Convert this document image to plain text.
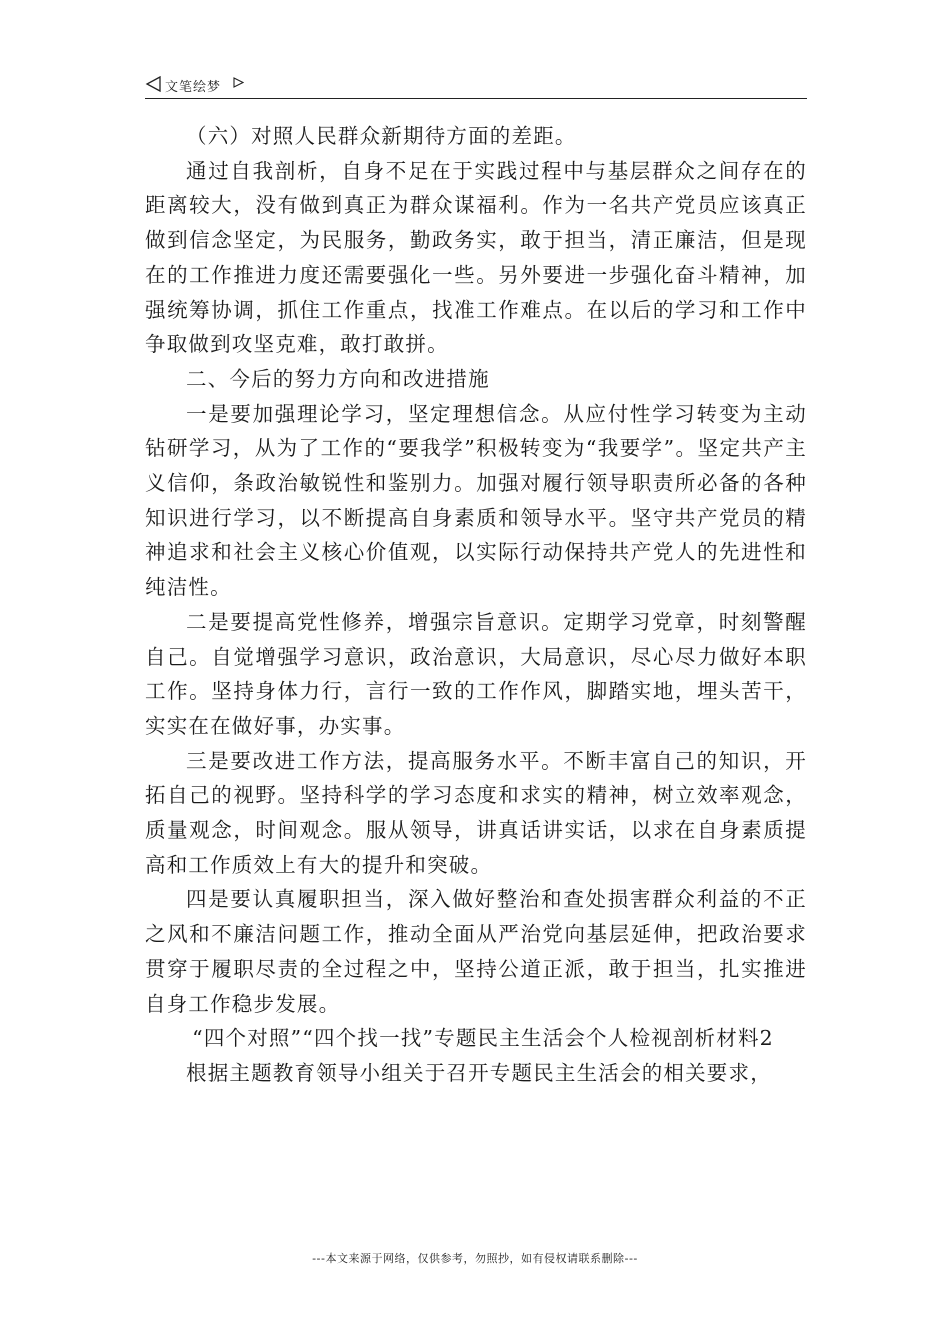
文笔绘梦

（六）对照人民群众新期待方面的差距。

通过自我剖析，自身不足在于实践过程中与基层群众之间存在的距离较大，没有做到真正为群众谋福利。作为一名共产党员应该真正做到信念坚定，为民服务，勤政务实，敢于担当，清正廉洁，但是现在的工作推进力度还需要强化一些。另外要进一步强化奋斗精神，加强统筹协调，抓住工作重点，找准工作难点。在以后的学习和工作中争取做到攻坚克难，敢打敢拼。

二、今后的努力方向和改进措施

一是要加强理论学习，坚定理想信念。从应付性学习转变为主动钻研学习，从为了工作的“要我学”积极转变为“我要学”。坚定共产主义信仰，条政治敏锐性和鉴别力。加强对履行领导职责所必备的各种知识进行学习，以不断提高自身素质和领导水平。坚守共产党员的精神追求和社会主义核心价值观，以实际行动保持共产党人的先进性和纯洁性。

二是要提高党性修养，增强宗旨意识。定期学习党章，时刻警醒自己。自觉增强学习意识，政治意识，大局意识，尽心尽力做好本职工作。坚持身体力行，言行一致的工作作风，脚踏实地，埋头苦干，实实在在做好事，办实事。

三是要改进工作方法，提高服务水平。不断丰富自己的知识，开拓自己的视野。坚持科学的学习态度和求实的精神，树立效率观念，质量观念，时间观念。服从领导，讲真话讲实话，以求在自身素质提高和工作质效上有大的提升和突破。

四是要认真履职担当，深入做好整治和查处损害群众利益的不正之风和不廉洁问题工作，推动全面从严治党向基层延伸，把政治要求贯穿于履职尽责的全过程之中，坚持公道正派，敢于担当，扎实推进自身工作稳步发展。

“四个对照”“四个找一找”专题民主生活会个人检视剖析材料2

根据主题教育领导小组关于召开专题民主生活会的相关要求，

---本文来源于网络，仅供参考，勿照抄，如有侵权请联系删除---
